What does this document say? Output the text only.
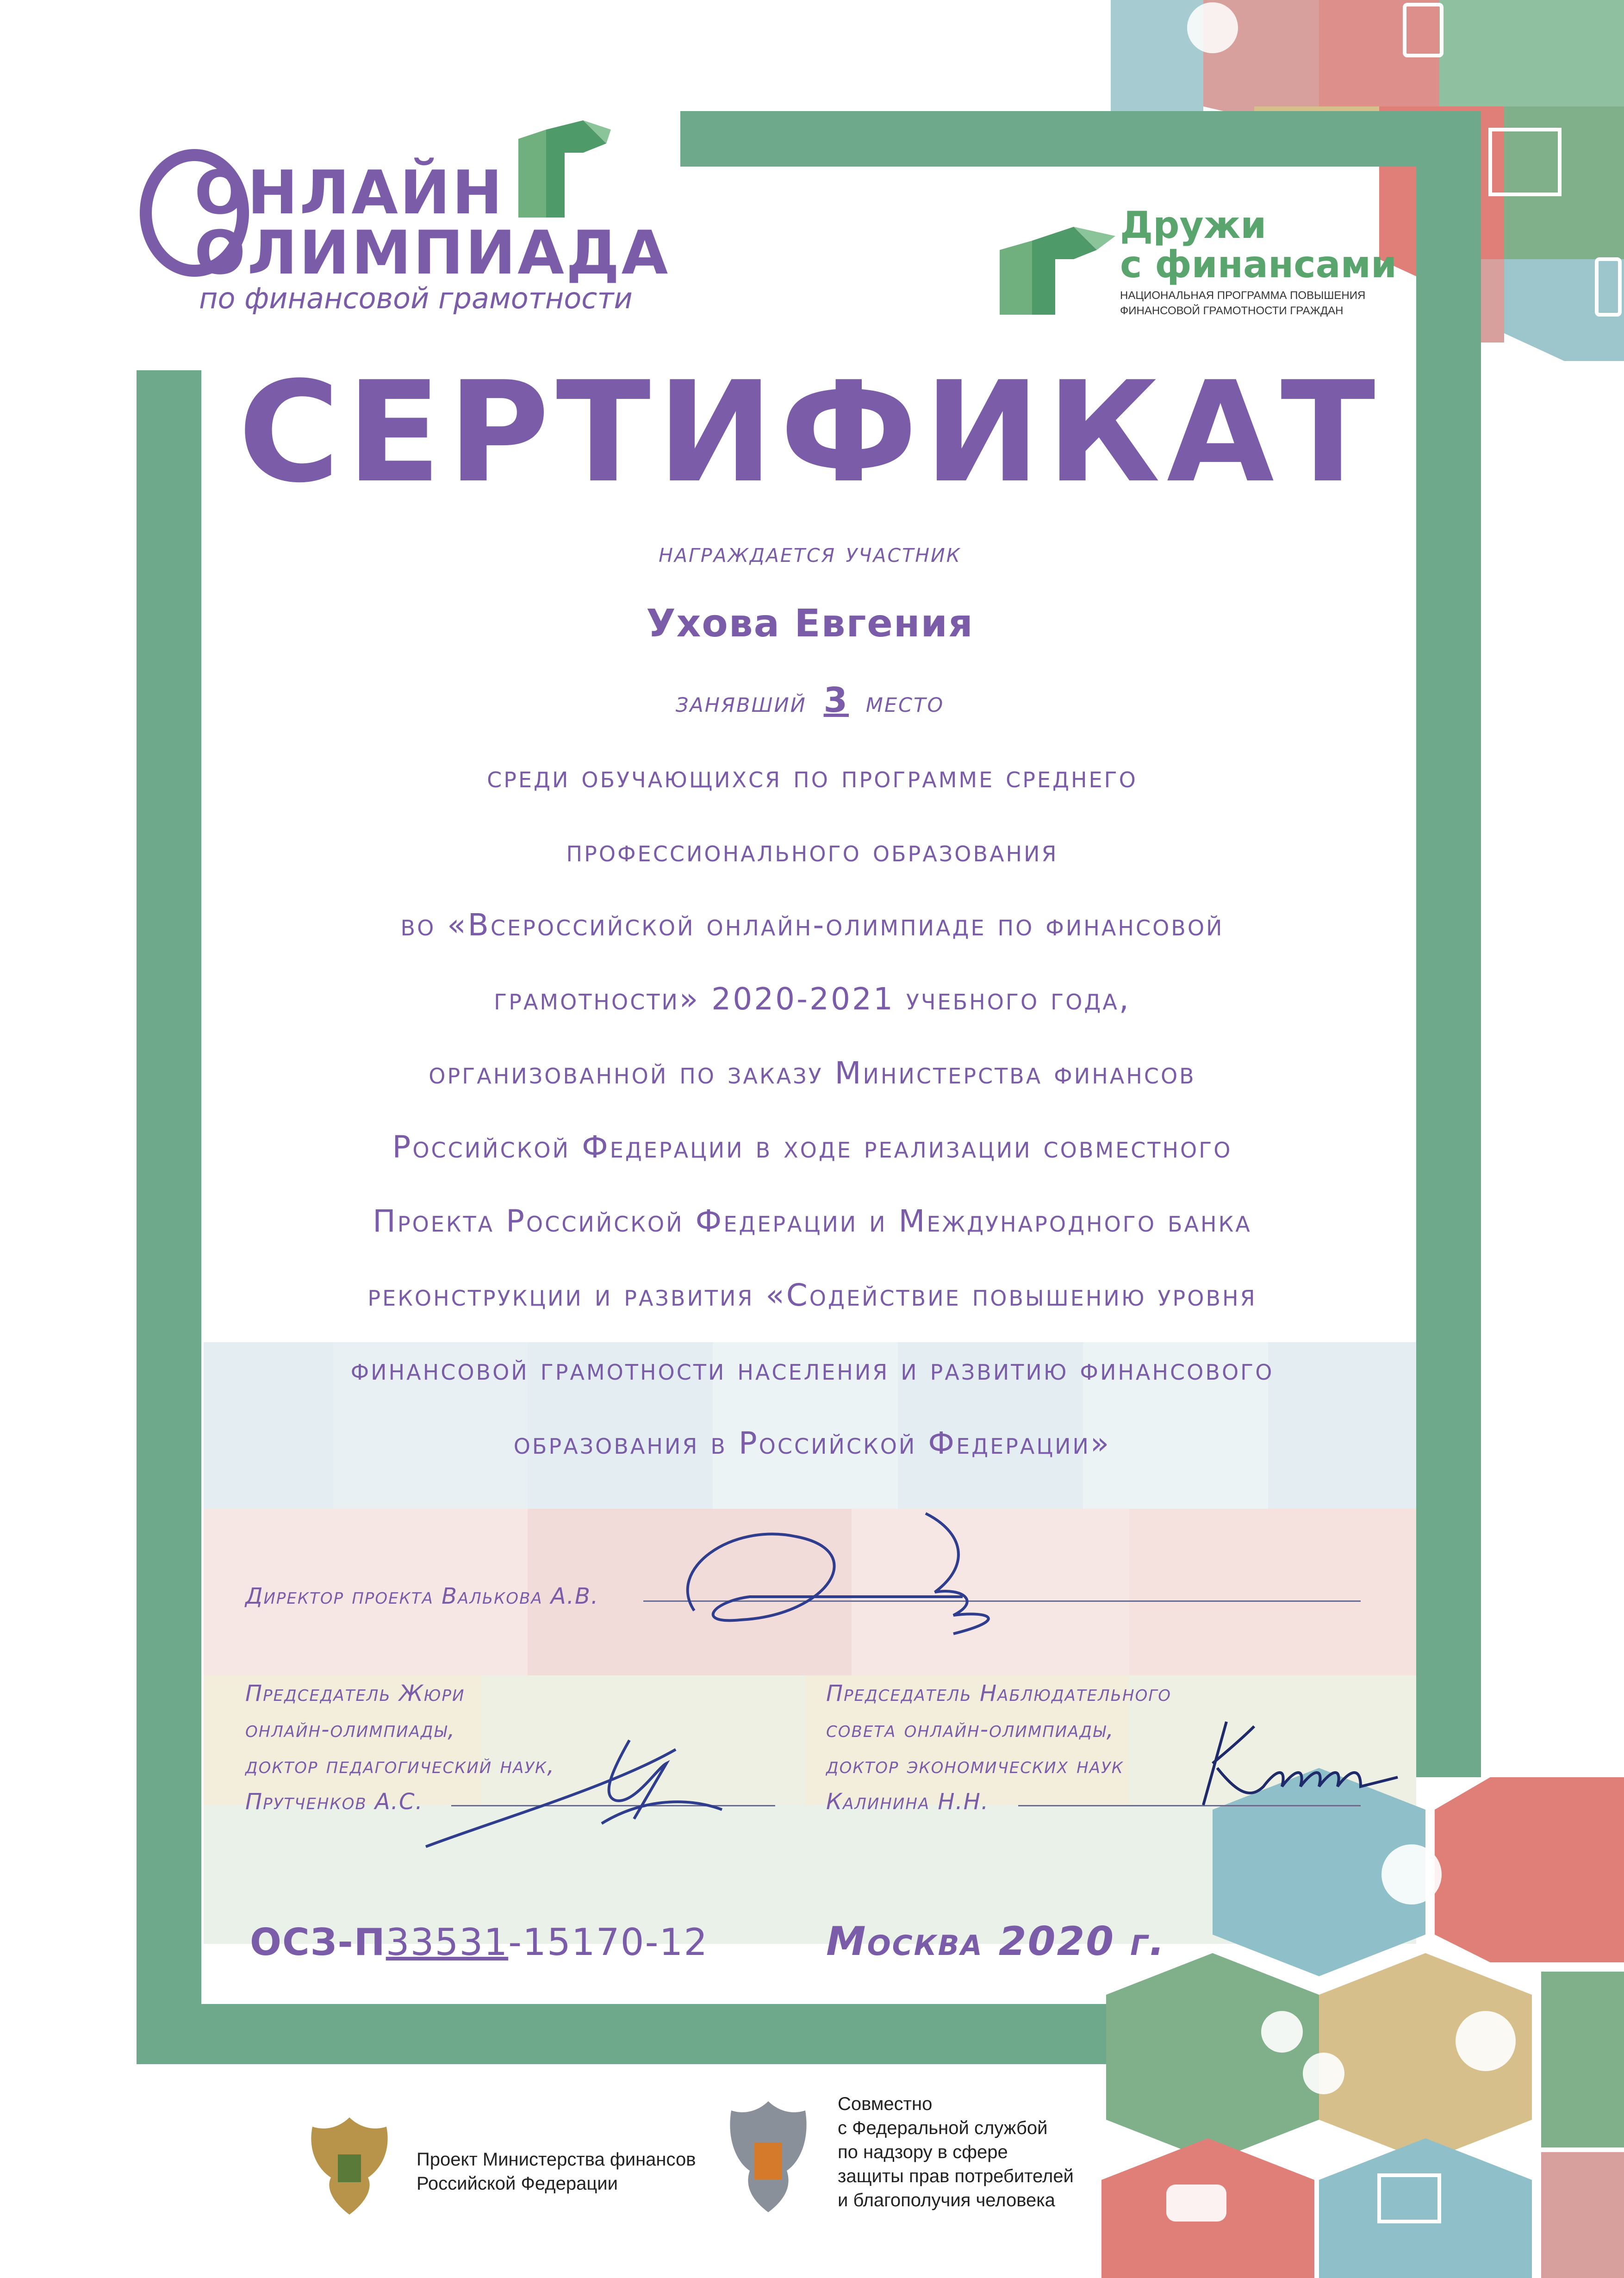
ОНЛАЙН
ОЛИМПИАДА
по финансовой грамотности
Дружи
с финансами
НАЦИОНАЛЬНАЯ ПРОГРАММА ПОВЫШЕНИЯ
ФИНАНСОВОЙ ГРАМОТНОСТИ ГРАЖДАН
СЕРТИФИКАТ
награждается участник
Ухова Евгения
занявший 3 место
среди обучающихся по программе среднего
профессионального образования
во «Всероссийской онлайн-олимпиаде по финансовой
грамотности» 2020-2021 учебного года,
организованной по заказу Министерства финансов
Российской Федерации в ходе реализации совместного
Проекта Российской Федерации и Международного банка
реконструкции и развития «Содействие повышению уровня
финансовой грамотности населения и развитию финансового
образования в Российской Федерации»
Директор проекта Валькова А.В.
Председатель Жюри
онлайн-олимпиады,
доктор педагогический наук,
Прутченков А.С.
Председатель Наблюдательного
совета онлайн-олимпиады,
доктор экономических наук
Калинина Н.Н.
ОСЗ-П33531-15170-12	Москва 2020 г.
Проект Министерства финансов
Российской Федерации
Совместно
с Федеральной службой
по надзору в сфере
защиты прав потребителей
и благополучия человека
